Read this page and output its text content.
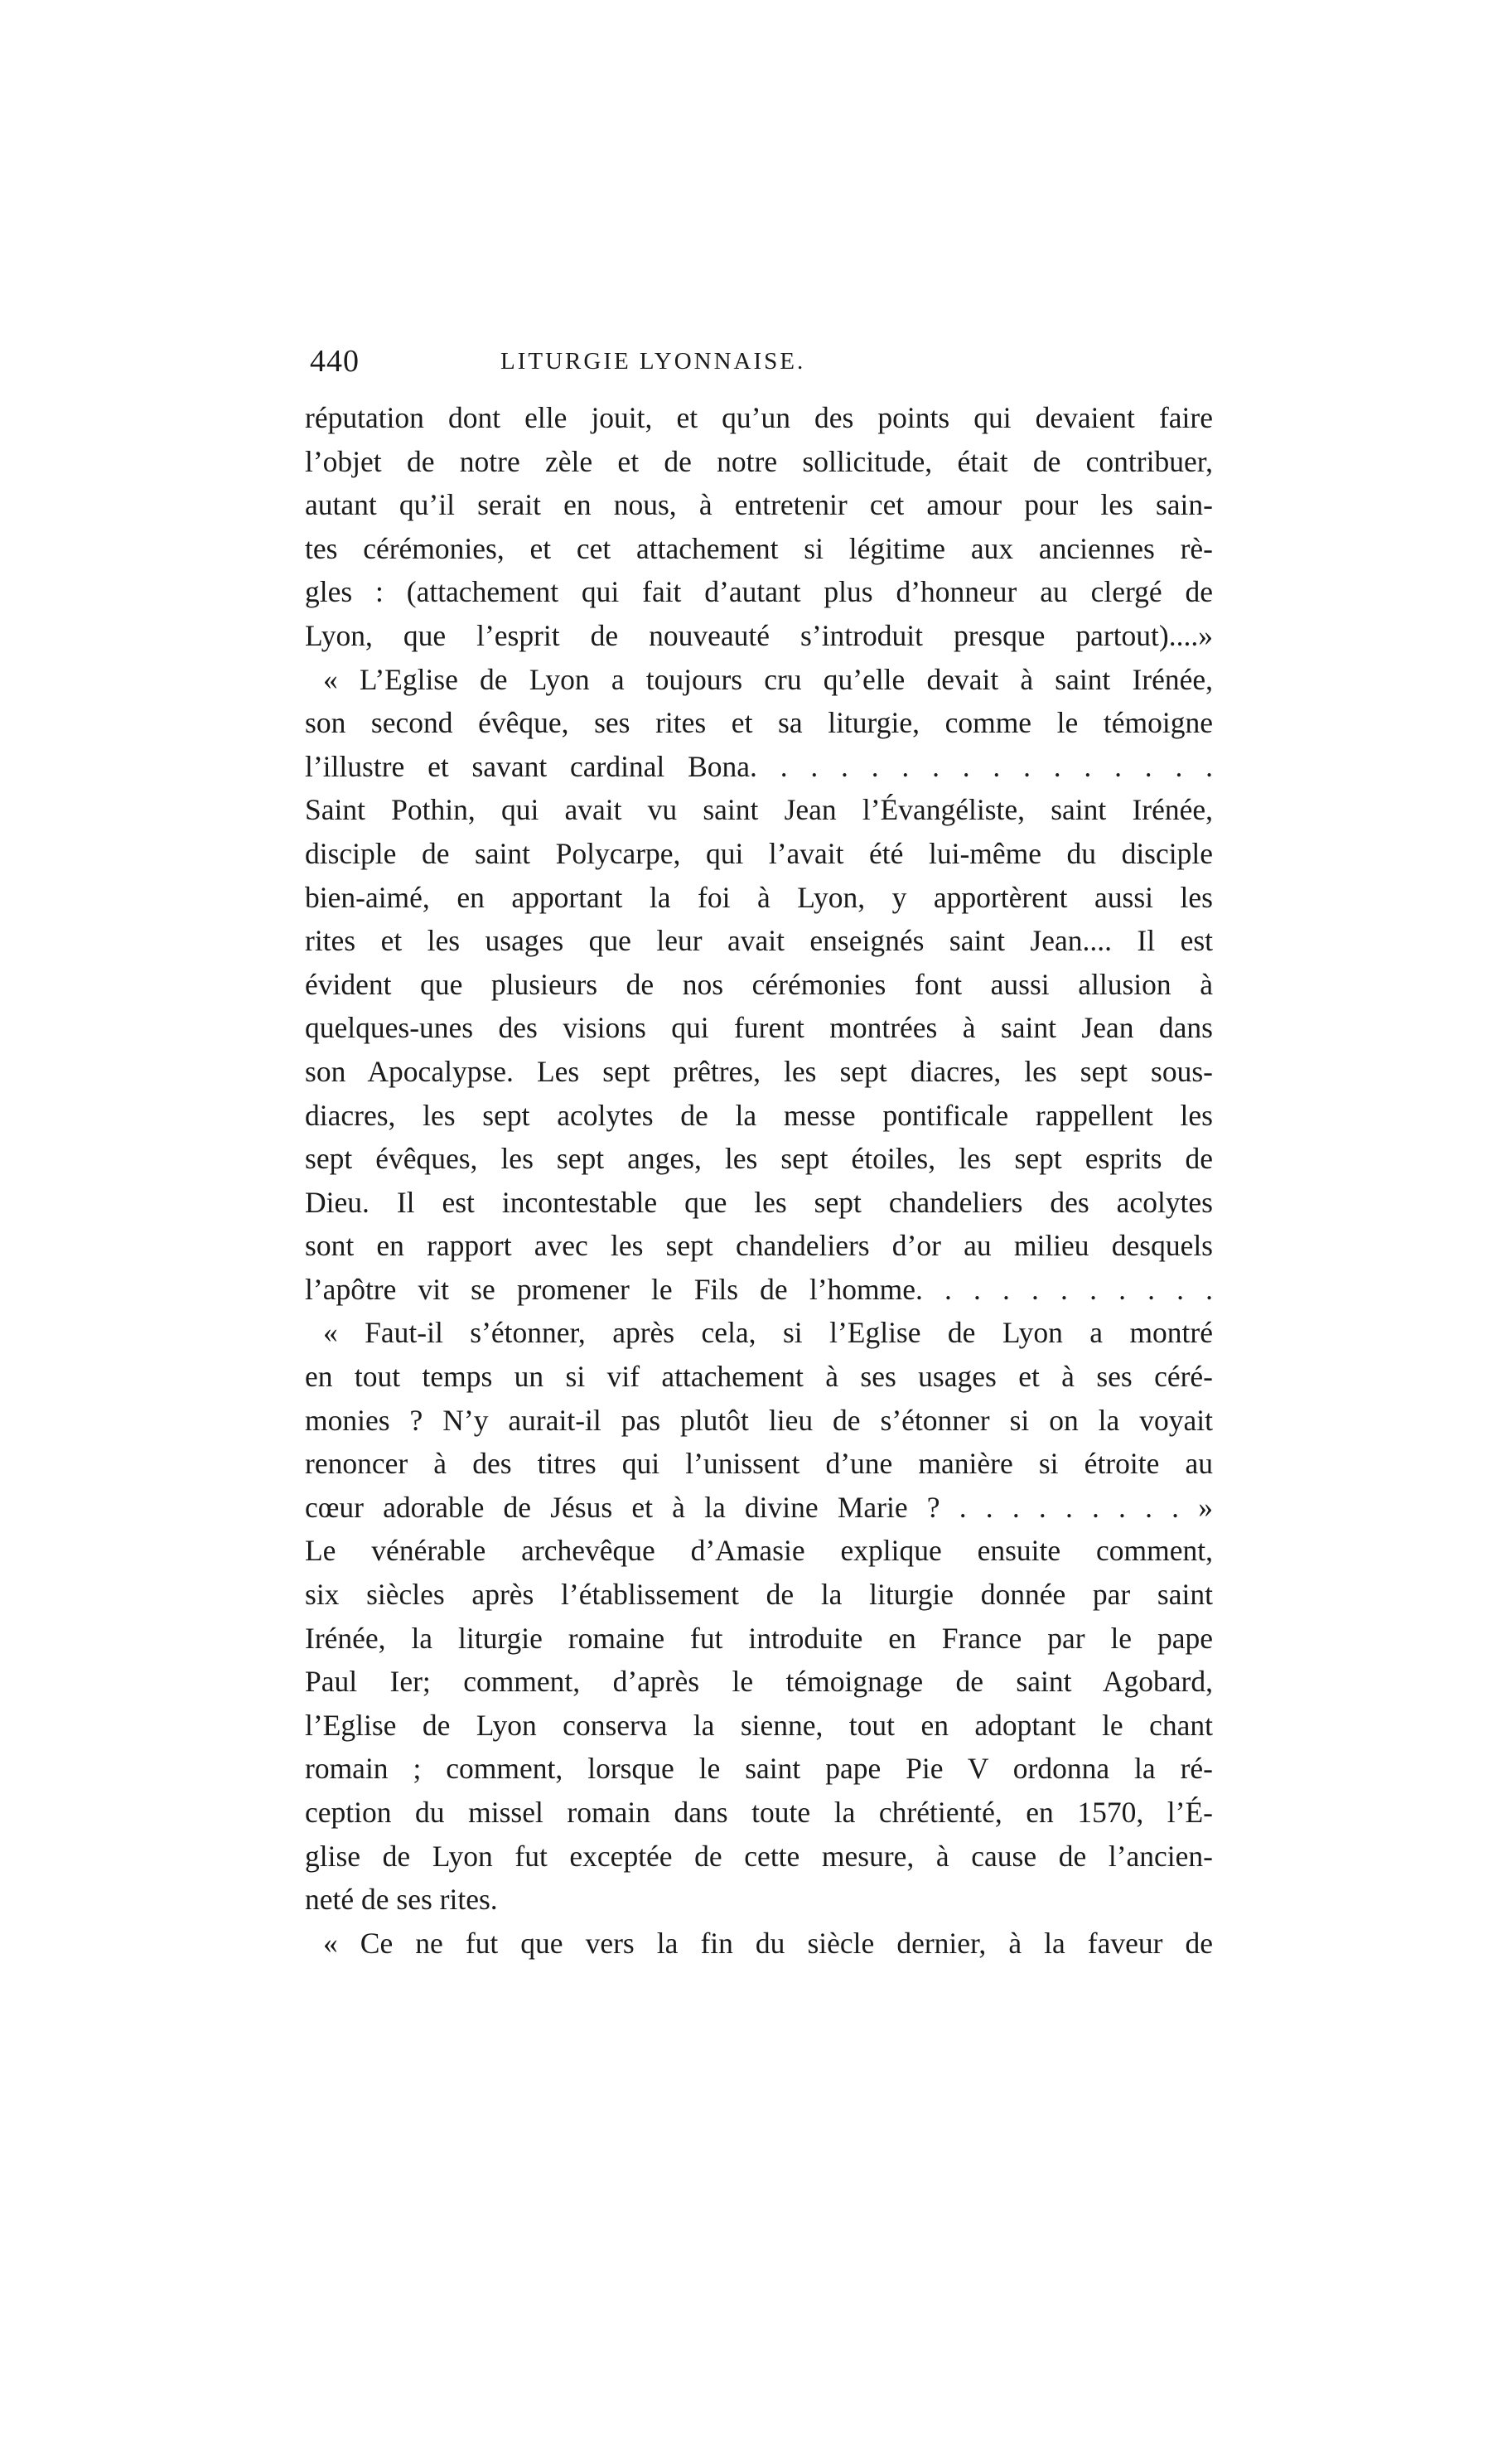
440	LITURGIE LYONNAISE.

réputation dont elle jouit, et qu’un des points qui devaient faire
l’objet de notre zèle et de notre sollicitude, était de contribuer,
autant qu’il serait en nous, à entretenir cet amour pour les sain-
tes cérémonies, et cet attachement si légitime aux anciennes rè-
gles : (attachement qui fait d’autant plus d’honneur au clergé de
Lyon, que l’esprit de nouveauté s’introduit presque partout)....»

« L’Eglise de Lyon a toujours cru qu’elle devait à saint Irénée,
son second évêque, ses rites et sa liturgie, comme le témoigne
l’illustre et savant cardinal Bona. . . . . . . . . . . . . . . .

Saint Pothin, qui avait vu saint Jean l’Évangéliste, saint Irénée,
disciple de saint Polycarpe, qui l’avait été lui-même du disciple
bien-aimé, en apportant la foi à Lyon, y apportèrent aussi les
rites et les usages que leur avait enseignés saint Jean.... Il est
évident que plusieurs de nos cérémonies font aussi allusion à
quelques-unes des visions qui furent montrées à saint Jean dans
son Apocalypse. Les sept prêtres, les sept diacres, les sept sous-
diacres, les sept acolytes de la messe pontificale rappellent les
sept évêques, les sept anges, les sept étoiles, les sept esprits de
Dieu. Il est incontestable que les sept chandeliers des acolytes
sont en rapport avec les sept chandeliers d’or au milieu desquels
l’apôtre vit se promener le Fils de l’homme. . . . . . . . . . .

« Faut-il s’étonner, après cela, si l’Eglise de Lyon a montré
en tout temps un si vif attachement à ses usages et à ses céré-
monies ? N’y aurait-il pas plutôt lieu de s’étonner si on la voyait
renoncer à des titres qui l’unissent d’une manière si étroite au
cœur adorable de Jésus et à la divine Marie ? . . . . . . . . . »

Le vénérable archevêque d’Amasie explique ensuite comment,
six siècles après l’établissement de la liturgie donnée par saint
Irénée, la liturgie romaine fut introduite en France par le pape
Paul Ier; comment, d’après le témoignage de saint Agobard,
l’Eglise de Lyon conserva la sienne, tout en adoptant le chant
romain ; comment, lorsque le saint pape Pie V ordonna la ré-
ception du missel romain dans toute la chrétienté, en 1570, l’É-
glise de Lyon fut exceptée de cette mesure, à cause de l’ancien-
neté de ses rites.

« Ce ne fut que vers la fin du siècle dernier, à la faveur de
